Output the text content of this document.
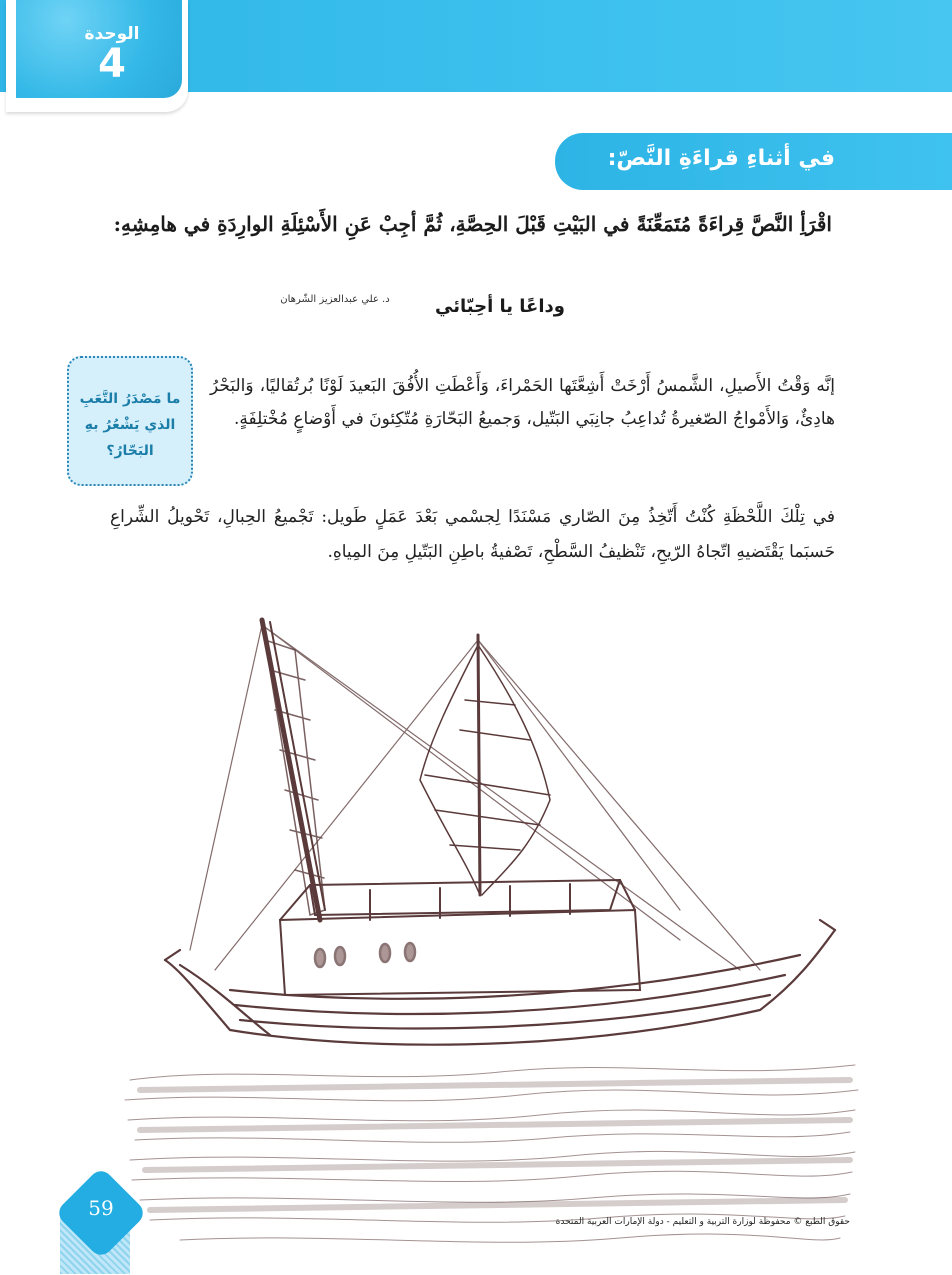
الوحدة
4
في أثناءِ قراءَةِ النَّصّ:
اقْرَأِ النَّصَّ قِراءَةً مُتَمَعِّنَةً في البَيْتِ قَبْلَ الحِصَّةِ، ثُمَّ أجِبْ عَنِ الأَسْئِلَةِ الوارِدَةِ في هامِشِهِ:
وداعًا يا أحِبّائي
د. علي عبدالعزيز الشّرهان
ما مَصْدَرُ التَّعَبِ الذي يَشْعُرُ بهِ البَحّارُ؟
إنَّه وَقْتُ الأَصيلِ، الشَّمسُ أَرْخَتْ أَشِعَّتَها الحَمْراءَ، وَأَعْطَتِ الأُفُقَ البَعيدَ لَوْنًا بُرتُقاليًا، وَالبَحْرُ هادِئٌ، وَالأَمْواجُ الصّغيرةُ تُداعِبُ جانِبَي البَتّيل، وَجميعُ البَحّارَةِ مُتّكِئونَ في أَوْضاعٍ مُخْتلِفَةٍ.
في تِلْكَ اللَّحْظَةِ كُنْتُ أَتّخِذُ مِنَ الصّاري مَسْنَدًا لِجسْمي بَعْدَ عَمَلٍ طَويل: تَجْميعُ الحِبالِ، تَحْويلُ الشِّراعِ حَسبَما يَقْتَضيهِ اتّجاهُ الرّيحِ، تَنْظيفُ السَّطْحِ، تَصْفيةُ باطِنِ البَتّيلِ مِنَ المِياهِ.
59
حقوق الطبع © محفوظة لوزارة التربية و التعليم - دولة الإمارات العربية المتحدة
